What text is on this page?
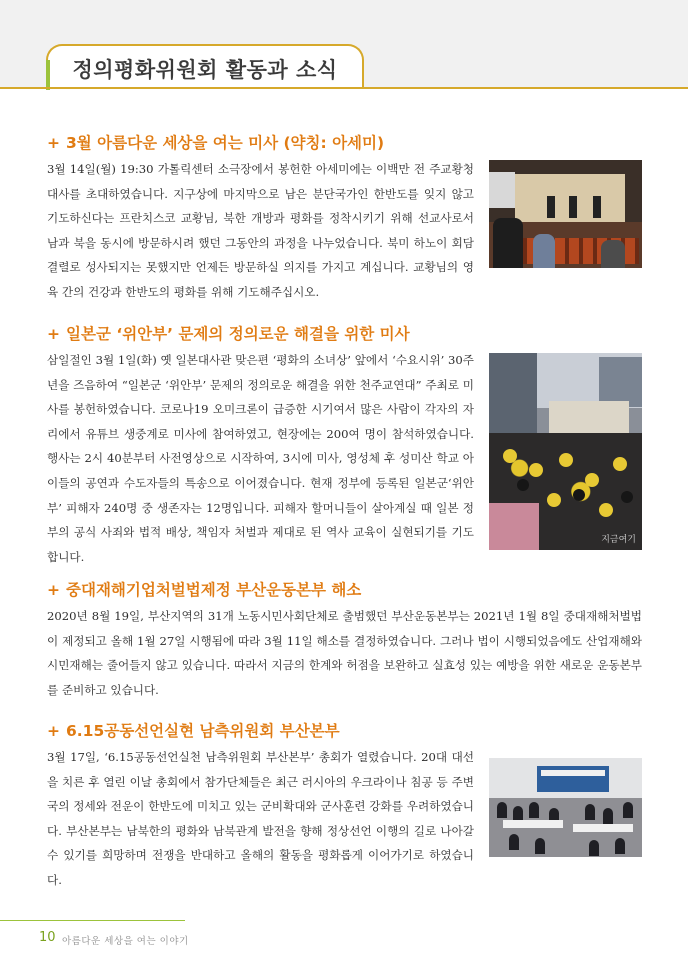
정의평화위원회 활동과 소식
+ 3월 아름다운 세상을 여는 미사 (약칭: 아세미)

3월 14일(월) 19:30 가톨릭센터 소극장에서 봉헌한 아세미에는 이백만 전 주교황청 대사를 초대하였습니다. 지구상에 마지막으로 남은 분단국가인 한반도를 잊지 않고 기도하신다는 프란치스코 교황님, 북한 개방과 평화를 정착시키기 위해 선교사로서 남과 북을 동시에 방문하시려 했던 그동안의 과정을 나누었습니다. 북미 하노이 회담 결렬로 성사되지는 못했지만 언제든 방문하실 의지를 가지고 계십니다. 교황님의 영육 간의 건강과 한반도의 평화를 위해 기도해주십시오.

+ 일본군 ‘위안부’ 문제의 정의로운 해결을 위한 미사

삼일절인 3월 1일(화) 옛 일본대사관 맞은편 ‘평화의 소녀상’ 앞에서 ‘수요시위’ 30주년을 즈음하여 “일본군 ‘위안부’ 문제의 정의로운 해결을 위한 천주교연대” 주최로 미사를 봉헌하였습니다. 코로나19 오미크론이 급증한 시기여서 많은 사람이 각자의 자리에서 유튜브 생중계로 미사에 참여하였고, 현장에는 200여 명이 참석하였습니다. 행사는 2시 40분부터 사전영상으로 시작하여, 3시에 미사, 영성체 후 성미산 학교 아이들의 공연과 수도자들의 특송으로 이어졌습니다. 현재 정부에 등록된 일본군‘위안부’ 피해자 240명 중 생존자는 12명입니다. 피해자 할머니들이 살아계실 때 일본 정부의 공식 사죄와 법적 배상, 책임자 처벌과 제대로 된 역사 교육이 실현되기를 기도합니다.

지금여기
+ 중대재해기업처벌법제정 부산운동본부 해소

2020년 8월 19일, 부산지역의 31개 노동시민사회단체로 출범했던 부산운동본부는 2021년 1월 8일 중대재해처벌법이 제정되고 올해 1월 27일 시행됨에 따라 3월 11일 해소를 결정하였습니다. 그러나 법이 시행되었음에도 산업재해와 시민재해는 줄어들지 않고 있습니다. 따라서 지금의 한계와 허점을 보완하고 실효성 있는 예방을 위한 새로운 운동본부를 준비하고 있습니다.

+ 6.15공동선언실현 남측위원회 부산본부

3월 17일, ‘6.15공동선언실천 남측위원회 부산본부’ 총회가 열렸습니다. 20대 대선을 치른 후 열린 이날 총회에서 참가단체들은 최근 러시아의 우크라이나 침공 등 주변국의 정세와 전운이 한반도에 미치고 있는 군비확대와 군사훈련 강화를 우려하였습니다. 부산본부는 남북한의 평화와 남북관계 발전을 향해 정상선언 이행의 길로 나아갈 수 있기를 희망하며 전쟁을 반대하고 올해의 활동을 평화롭게 이어가기로 하였습니다.

10 아름다운 세상을 여는 이야기
